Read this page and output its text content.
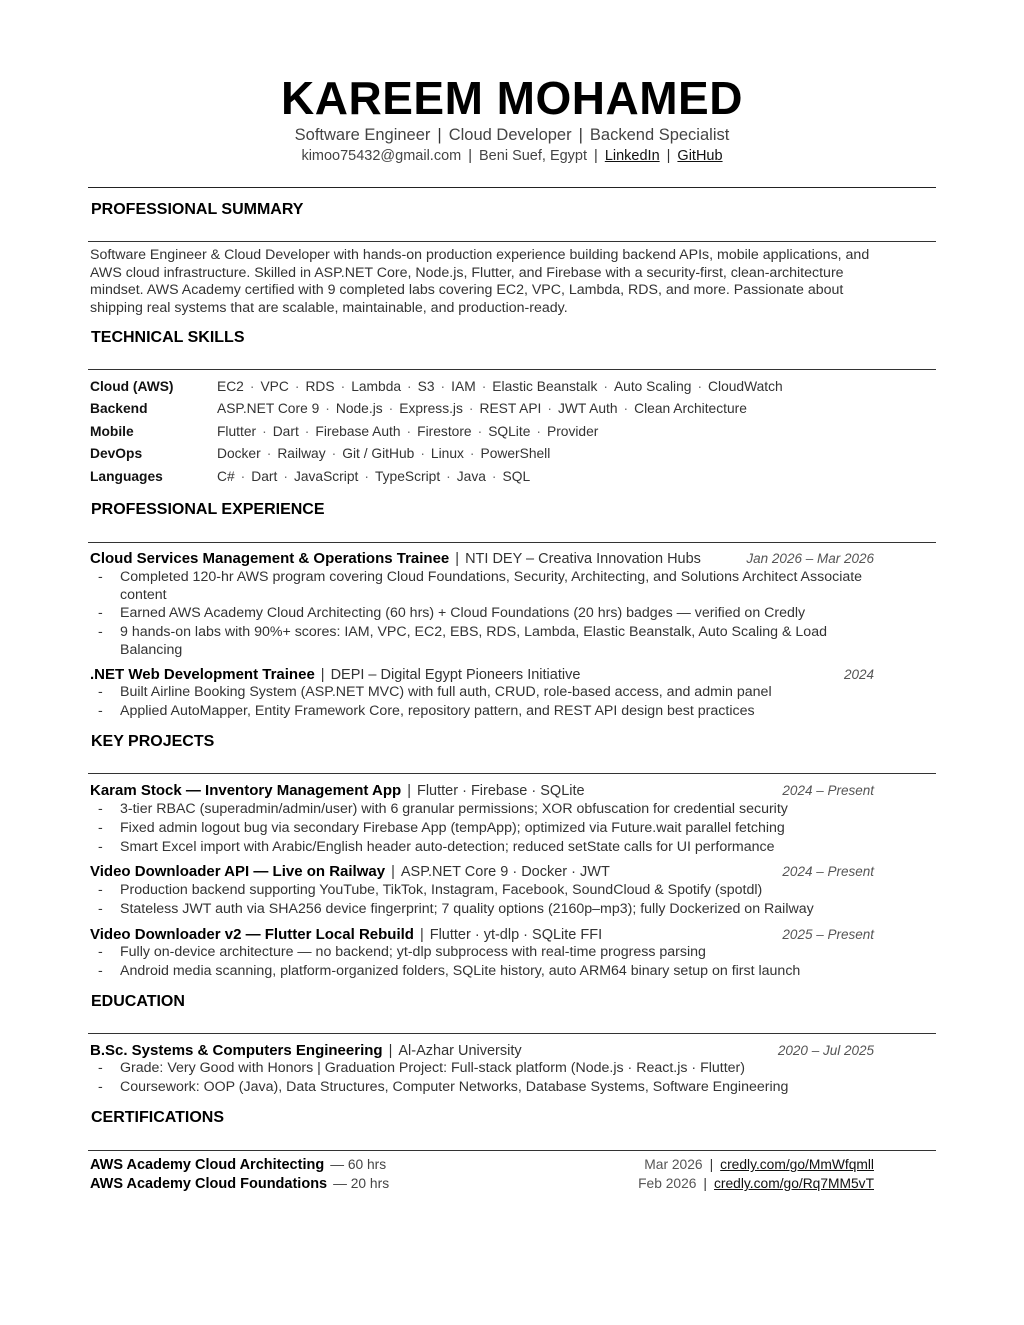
KAREEM MOHAMED
Software Engineer | Cloud Developer | Backend Specialist
kimoo75432@gmail.com | Beni Suef, Egypt | LinkedIn | GitHub
PROFESSIONAL SUMMARY
Software Engineer & Cloud Developer with hands-on production experience building backend APIs, mobile applications, and
AWS cloud infrastructure. Skilled in ASP.NET Core, Node.js, Flutter, and Firebase with a security-first, clean-architecture
mindset. AWS Academy certified with 9 completed labs covering EC2, VPC, Lambda, RDS, and more. Passionate about
shipping real systems that are scalable, maintainable, and production-ready.
TECHNICAL SKILLS
Cloud (AWS)	EC2 · VPC · RDS · Lambda · S3 · IAM · Elastic Beanstalk · Auto Scaling · CloudWatch
Backend	ASP.NET Core 9 · Node.js · Express.js · REST API · JWT Auth · Clean Architecture
Mobile	Flutter · Dart · Firebase Auth · Firestore · SQLite · Provider
DevOps	Docker · Railway · Git / GitHub · Linux · PowerShell
Languages	C# · Dart · JavaScript · TypeScript · Java · SQL
PROFESSIONAL EXPERIENCE
Cloud Services Management & Operations Trainee | NTI DEY – Creativa Innovation Hubs	Jan 2026 – Mar 2026
- Completed 120-hr AWS program covering Cloud Foundations, Security, Architecting, and Solutions Architect Associate
content
- Earned AWS Academy Cloud Architecting (60 hrs) + Cloud Foundations (20 hrs) badges — verified on Credly
- 9 hands-on labs with 90%+ scores: IAM, VPC, EC2, EBS, RDS, Lambda, Elastic Beanstalk, Auto Scaling & Load
Balancing
.NET Web Development Trainee | DEPI – Digital Egypt Pioneers Initiative	2024
- Built Airline Booking System (ASP.NET MVC) with full auth, CRUD, role-based access, and admin panel
- Applied AutoMapper, Entity Framework Core, repository pattern, and REST API design best practices
KEY PROJECTS
Karam Stock — Inventory Management App | Flutter · Firebase · SQLite	2024 – Present
- 3-tier RBAC (superadmin/admin/user) with 6 granular permissions; XOR obfuscation for credential security
- Fixed admin logout bug via secondary Firebase App (tempApp); optimized via Future.wait parallel fetching
- Smart Excel import with Arabic/English header auto-detection; reduced setState calls for UI performance
Video Downloader API — Live on Railway | ASP.NET Core 9 · Docker · JWT	2024 – Present
- Production backend supporting YouTube, TikTok, Instagram, Facebook, SoundCloud & Spotify (spotdl)
- Stateless JWT auth via SHA256 device fingerprint; 7 quality options (2160p–mp3); fully Dockerized on Railway
Video Downloader v2 — Flutter Local Rebuild | Flutter · yt-dlp · SQLite FFI	2025 – Present
- Fully on-device architecture — no backend; yt-dlp subprocess with real-time progress parsing
- Android media scanning, platform-organized folders, SQLite history, auto ARM64 binary setup on first launch
EDUCATION
B.Sc. Systems & Computers Engineering | Al-Azhar University	2020 – Jul 2025
- Grade: Very Good with Honors | Graduation Project: Full-stack platform (Node.js · React.js · Flutter)
- Coursework: OOP (Java), Data Structures, Computer Networks, Database Systems, Software Engineering
CERTIFICATIONS
AWS Academy Cloud Architecting — 60 hrs	Mar 2026 | credly.com/go/MmWfqmll
AWS Academy Cloud Foundations — 20 hrs	Feb 2026 | credly.com/go/Rq7MM5vT
